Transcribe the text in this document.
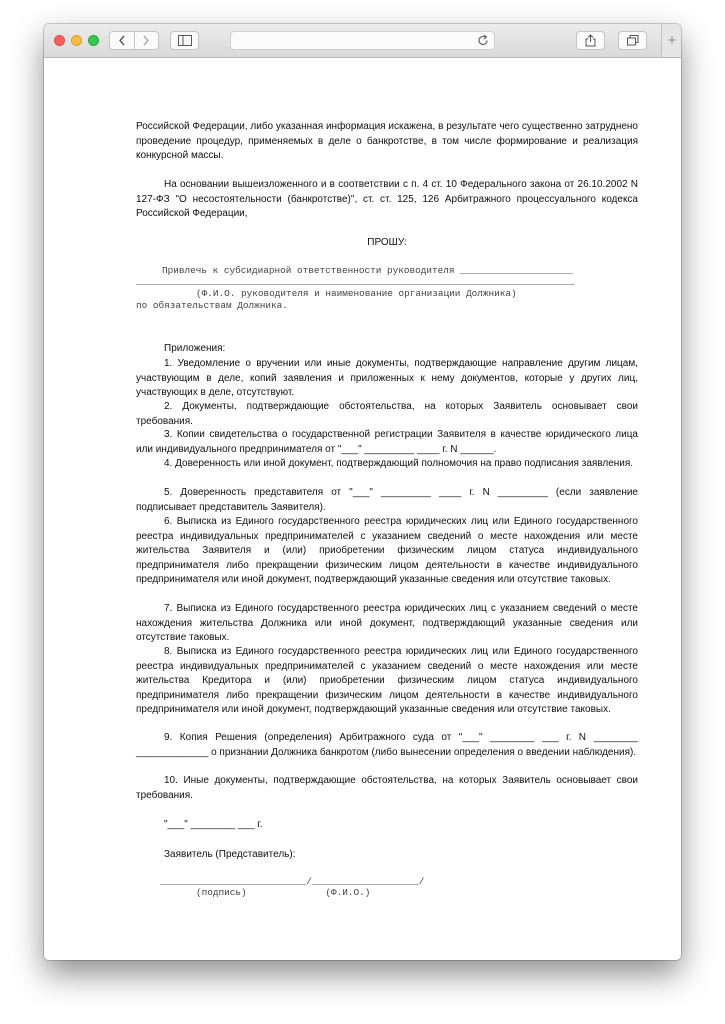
+

Российской Федерации, либо указанная информация искажена, в результате чего существенно затруднено проведение процедур, применяемых в деле о банкротстве, в том числе формирование и реализация конкурсной массы.

На основании вышеизложенного и в соответствии с п. 4 ст. 10 Федерального закона от 26.10.2002 N 127-ФЗ "О несостоятельности (банкротстве)", ст. ст. 125, 126 Арбитражного процессуального кодекса Российской Федерации,

ПРОШУ:

Привлечь к субсидиарной ответственности руководителя ____________________
______________________________________________________________________________
(Ф.И.О. руководителя и наименование организации Должника)
по обязательствам Должника.

Приложения:

1. Уведомление о вручении или иные документы, подтверждающие направление другим лицам, участвующим в деле, копий заявления и приложенных к нему документов, которые у других лиц, участвующих в деле, отсутствуют.

2. Документы, подтверждающие обстоятельства, на которых Заявитель основывает свои требования.

3. Копии свидетельства о государственной регистрации Заявителя в качестве юридического лица или индивидуального предпринимателя от "___" _________ ____ г. N ______.

4. Доверенность или иной документ, подтверждающий полномочия на право подписания заявления.

5. Доверенность представителя от "___" _________ ____ г. N _________ (если заявление подписывает представитель Заявителя).

6. Выписка из Единого государственного реестра юридических лиц или Единого государственного реестра индивидуальных предпринимателей с указанием сведений о месте нахождения или месте жительства Заявителя и (или) приобретении физическим лицом статуса индивидуального предпринимателя либо прекращении физическим лицом деятельности в качестве индивидуального предпринимателя или иной документ, подтверждающий указанные сведения или отсутствие таковых.

7. Выписка из Единого государственного реестра юридических лиц с указанием сведений о месте нахождения жительства Должника или иной документ, подтверждающий указанные сведения или отсутствие таковых.

8. Выписка из Единого государственного реестра юридических лиц или Единого государственного реестра индивидуальных предпринимателей с указанием сведений о месте нахождения или месте жительства Кредитора и (или) приобретении физическим лицом статуса индивидуального предпринимателя либо прекращении физическим лицом деятельности в качестве индивидуального предпринимателя или иной документ, подтверждающий указанные сведения или отсутствие таковых.

9. Копия Решения (определения) Арбитражного суда от "___" ________ ___ г. N ________ _____________ о признании Должника банкротом (либо вынесении определения о введении наблюдения).

10. Иные документы, подтверждающие обстоятельства, на которых Заявитель основывает свои требования.

"___" ________ ___ г.

Заявитель (Представитель):

__________________________/___________________/
(подпись)              (Ф.И.О.)
